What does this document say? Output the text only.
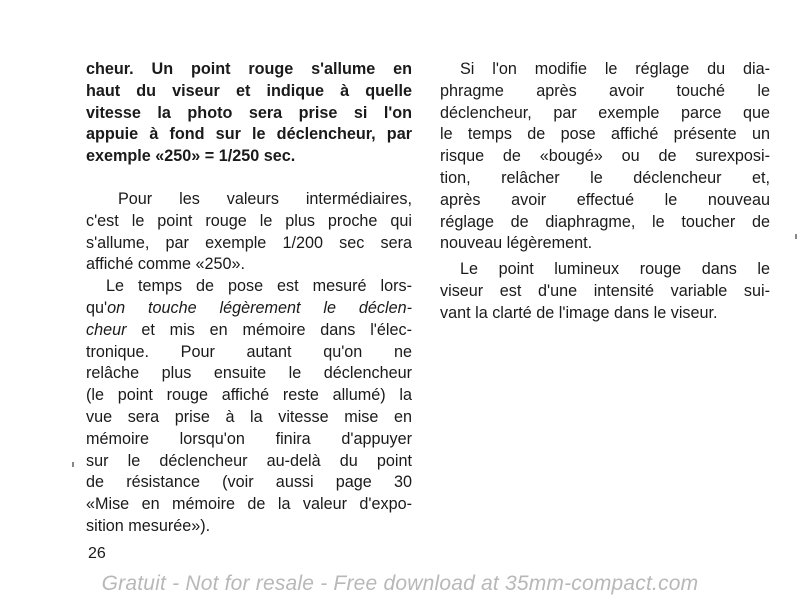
cheur. Un point rouge s'allume en
haut du viseur et indique à quelle
vitesse la photo sera prise si l'on
appuie à fond sur le déclencheur, par
exemple «250» = 1/250 sec.
Pour les valeurs intermédiaires,
c'est le point rouge le plus proche qui
s'allume, par exemple 1/200 sec sera
affiché comme «250».
Le temps de pose est mesuré lors-
qu'on touche légèrement le déclen-
cheur et mis en mémoire dans l'élec-
tronique. Pour autant qu'on ne
relâche plus ensuite le déclencheur
(le point rouge affiché reste allumé) la
vue sera prise à la vitesse mise en
mémoire lorsqu'on finira d'appuyer
sur le déclencheur au-delà du point
de résistance (voir aussi page 30
«Mise en mémoire de la valeur d'expo-
sition mesurée»).
Si l'on modifie le réglage du dia-
phragme après avoir touché le
déclencheur, par exemple parce que
le temps de pose affiché présente un
risque de «bougé» ou de surexposi-
tion, relâcher le déclencheur et,
après avoir effectué le nouveau
réglage de diaphragme, le toucher de
nouveau légèrement.
Le point lumineux rouge dans le
viseur est d'une intensité variable sui-
vant la clarté de l'image dans le viseur.
26
Gratuit - Not for resale - Free download at 35mm-compact.com
